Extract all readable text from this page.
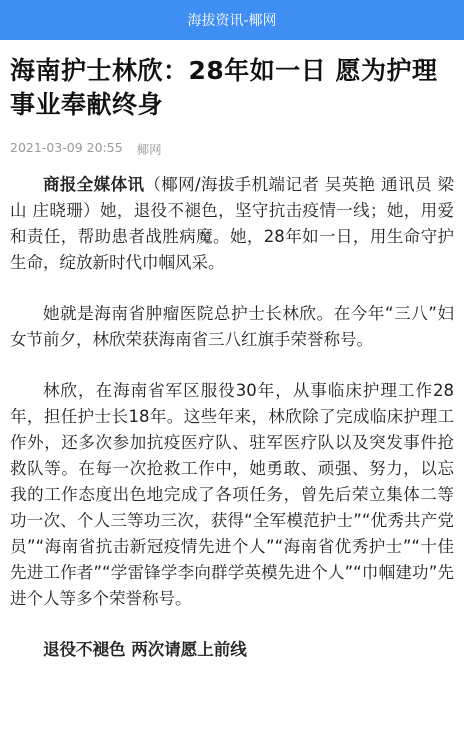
海拔资讯-椰网
海南护士林欣：28年如一日 愿为护理事业奉献终身
2021-03-09 20:55 椰网

商报全媒体讯（椰网/海拔手机端记者 吴英艳 通讯员 梁山 庄晓珊）她，退役不褪色，坚守抗击疫情一线；她，用爱和责任，帮助患者战胜病魔。她，28年如一日，用生命守护生命，绽放新时代巾帼风采。

她就是海南省肿瘤医院总护士长林欣。在今年“三八”妇女节前夕，林欣荣获海南省三八红旗手荣誉称号。

林欣，在海南省军区服役30年，从事临床护理工作28年，担任护士长18年。这些年来，林欣除了完成临床护理工作外，还多次参加抗疫医疗队、驻军医疗队以及突发事件抢救队等。在每一次抢救工作中，她勇敢、顽强、努力，以忘我的工作态度出色地完成了各项任务，曾先后荣立集体二等功一次、个人三等功三次，获得“全军模范护士”“优秀共产党员”“海南省抗击新冠疫情先进个人”“海南省优秀护士”“十佳先进工作者”“学雷锋学李向群学英模先进个人”“巾帼建功”先进个人等多个荣誉称号。

退役不褪色 两次请愿上前线
